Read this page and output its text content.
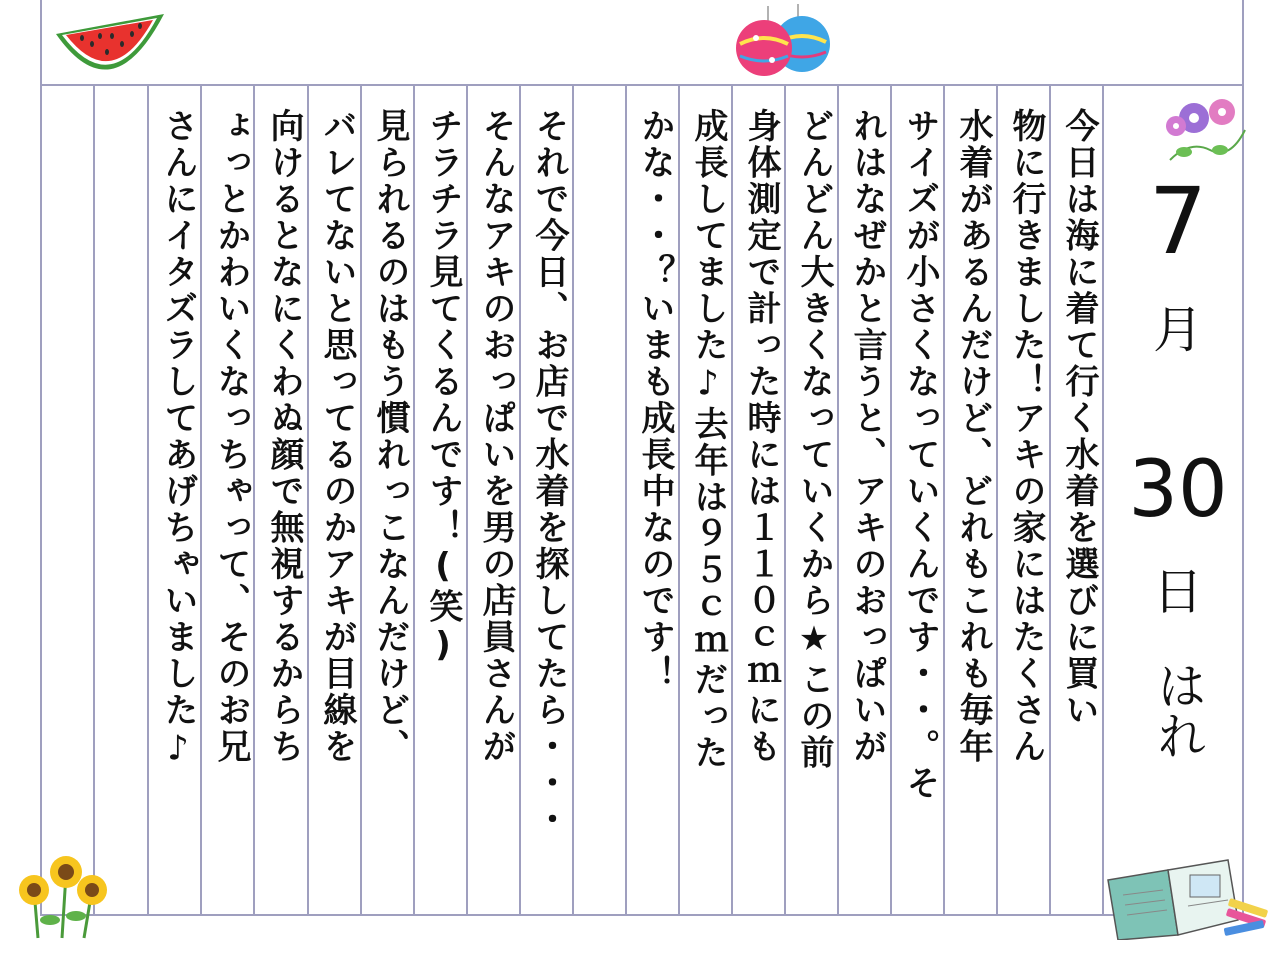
今日は海に着て行く水着を選びに買い
物に行きました！アキの家にはたくさん
水着があるんだけど、どれもこれも毎年
サイズが小さくなっていくんです・・。そ
れはなぜかと言うと、アキのおっぱいが
どんどん大きくなっていくから★この前
身体測定で計った時には１１０ｃｍにも
成長してました♪去年は９５ｃｍだった
かな・・？いまも成長中なのです！
それで今日、お店で水着を探してたら・・・
そんなアキのおっぱいを男の店員さんが
チラチラ見てくるんです！(笑)
見られるのはもう慣れっこなんだけど、
バレてないと思ってるのかアキが目線を
向けるとなにくわぬ顔で無視するからち
ょっとかわいくなっちゃって、そのお兄
さんにイタズラしてあげちゃいました♪	7
月
30
日
はれ
